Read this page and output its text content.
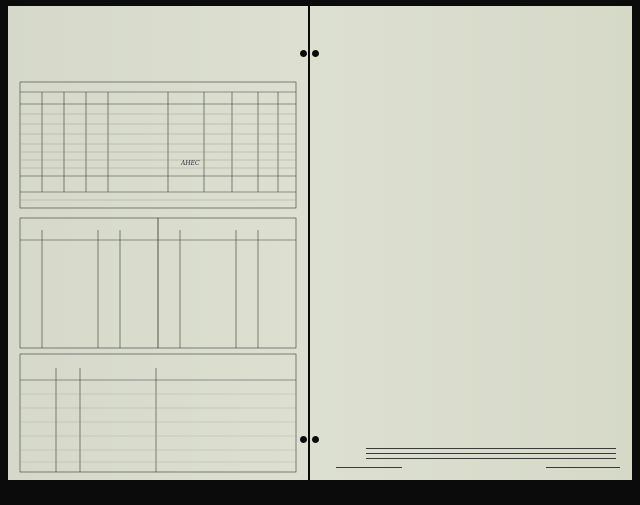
AHEC
